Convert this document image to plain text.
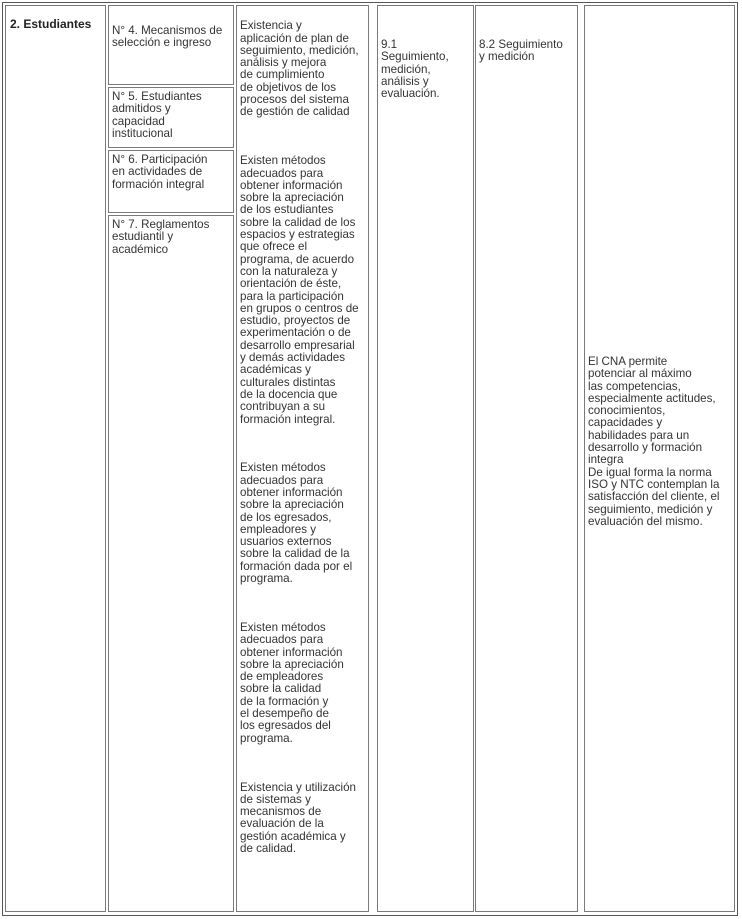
2. Estudiantes	N° 4. Mecanismos de
selección e ingreso
N° 5. Estudiantes
admitidos y
capacidad
institucional
N° 6. Participación
en actividades de
formación integral
N° 7. Reglamentos
estudiantil y
académico

Existencia y
aplicación de plan de
seguimiento, medición,
análisis y mejora
de cumplimiento
de objetivos de los
procesos del sistema
de gestión de calidad

Existen métodos
adecuados para
obtener información
sobre la apreciación
de los estudiantes
sobre la calidad de los
espacios y estrategias
que ofrece el
programa, de acuerdo
con la naturaleza y
orientación de éste,
para la participación
en grupos o centros de
estudio, proyectos de
experimentación o de
desarrollo empresarial
y demás actividades
académicas y
culturales distintas
de la docencia que
contribuyan a su
formación integral.

Existen métodos
adecuados para
obtener información
sobre la apreciación
de los egresados,
empleadores y
usuarios externos
sobre la calidad de la
formación dada por el
programa.

Existen métodos
adecuados para
obtener información
sobre la apreciación
de empleadores
sobre la calidad
de la formación y
el desempeño de
los egresados del
programa.

Existencia y utilización
de sistemas y
mecanismos de
evaluación de la
gestión académica y
de calidad.

9.1
Seguimiento,
medición,
análisis y
evaluación.
8.2 Seguimiento
y medición
El CNA permite
potenciar al máximo
las competencias,
especialmente actitudes,
conocimientos,
capacidades y
habilidades para un
desarrollo y formación
integra
De igual forma la norma
ISO y NTC contemplan la
satisfacción del cliente, el
seguimiento, medición y
evaluación del mismo.
